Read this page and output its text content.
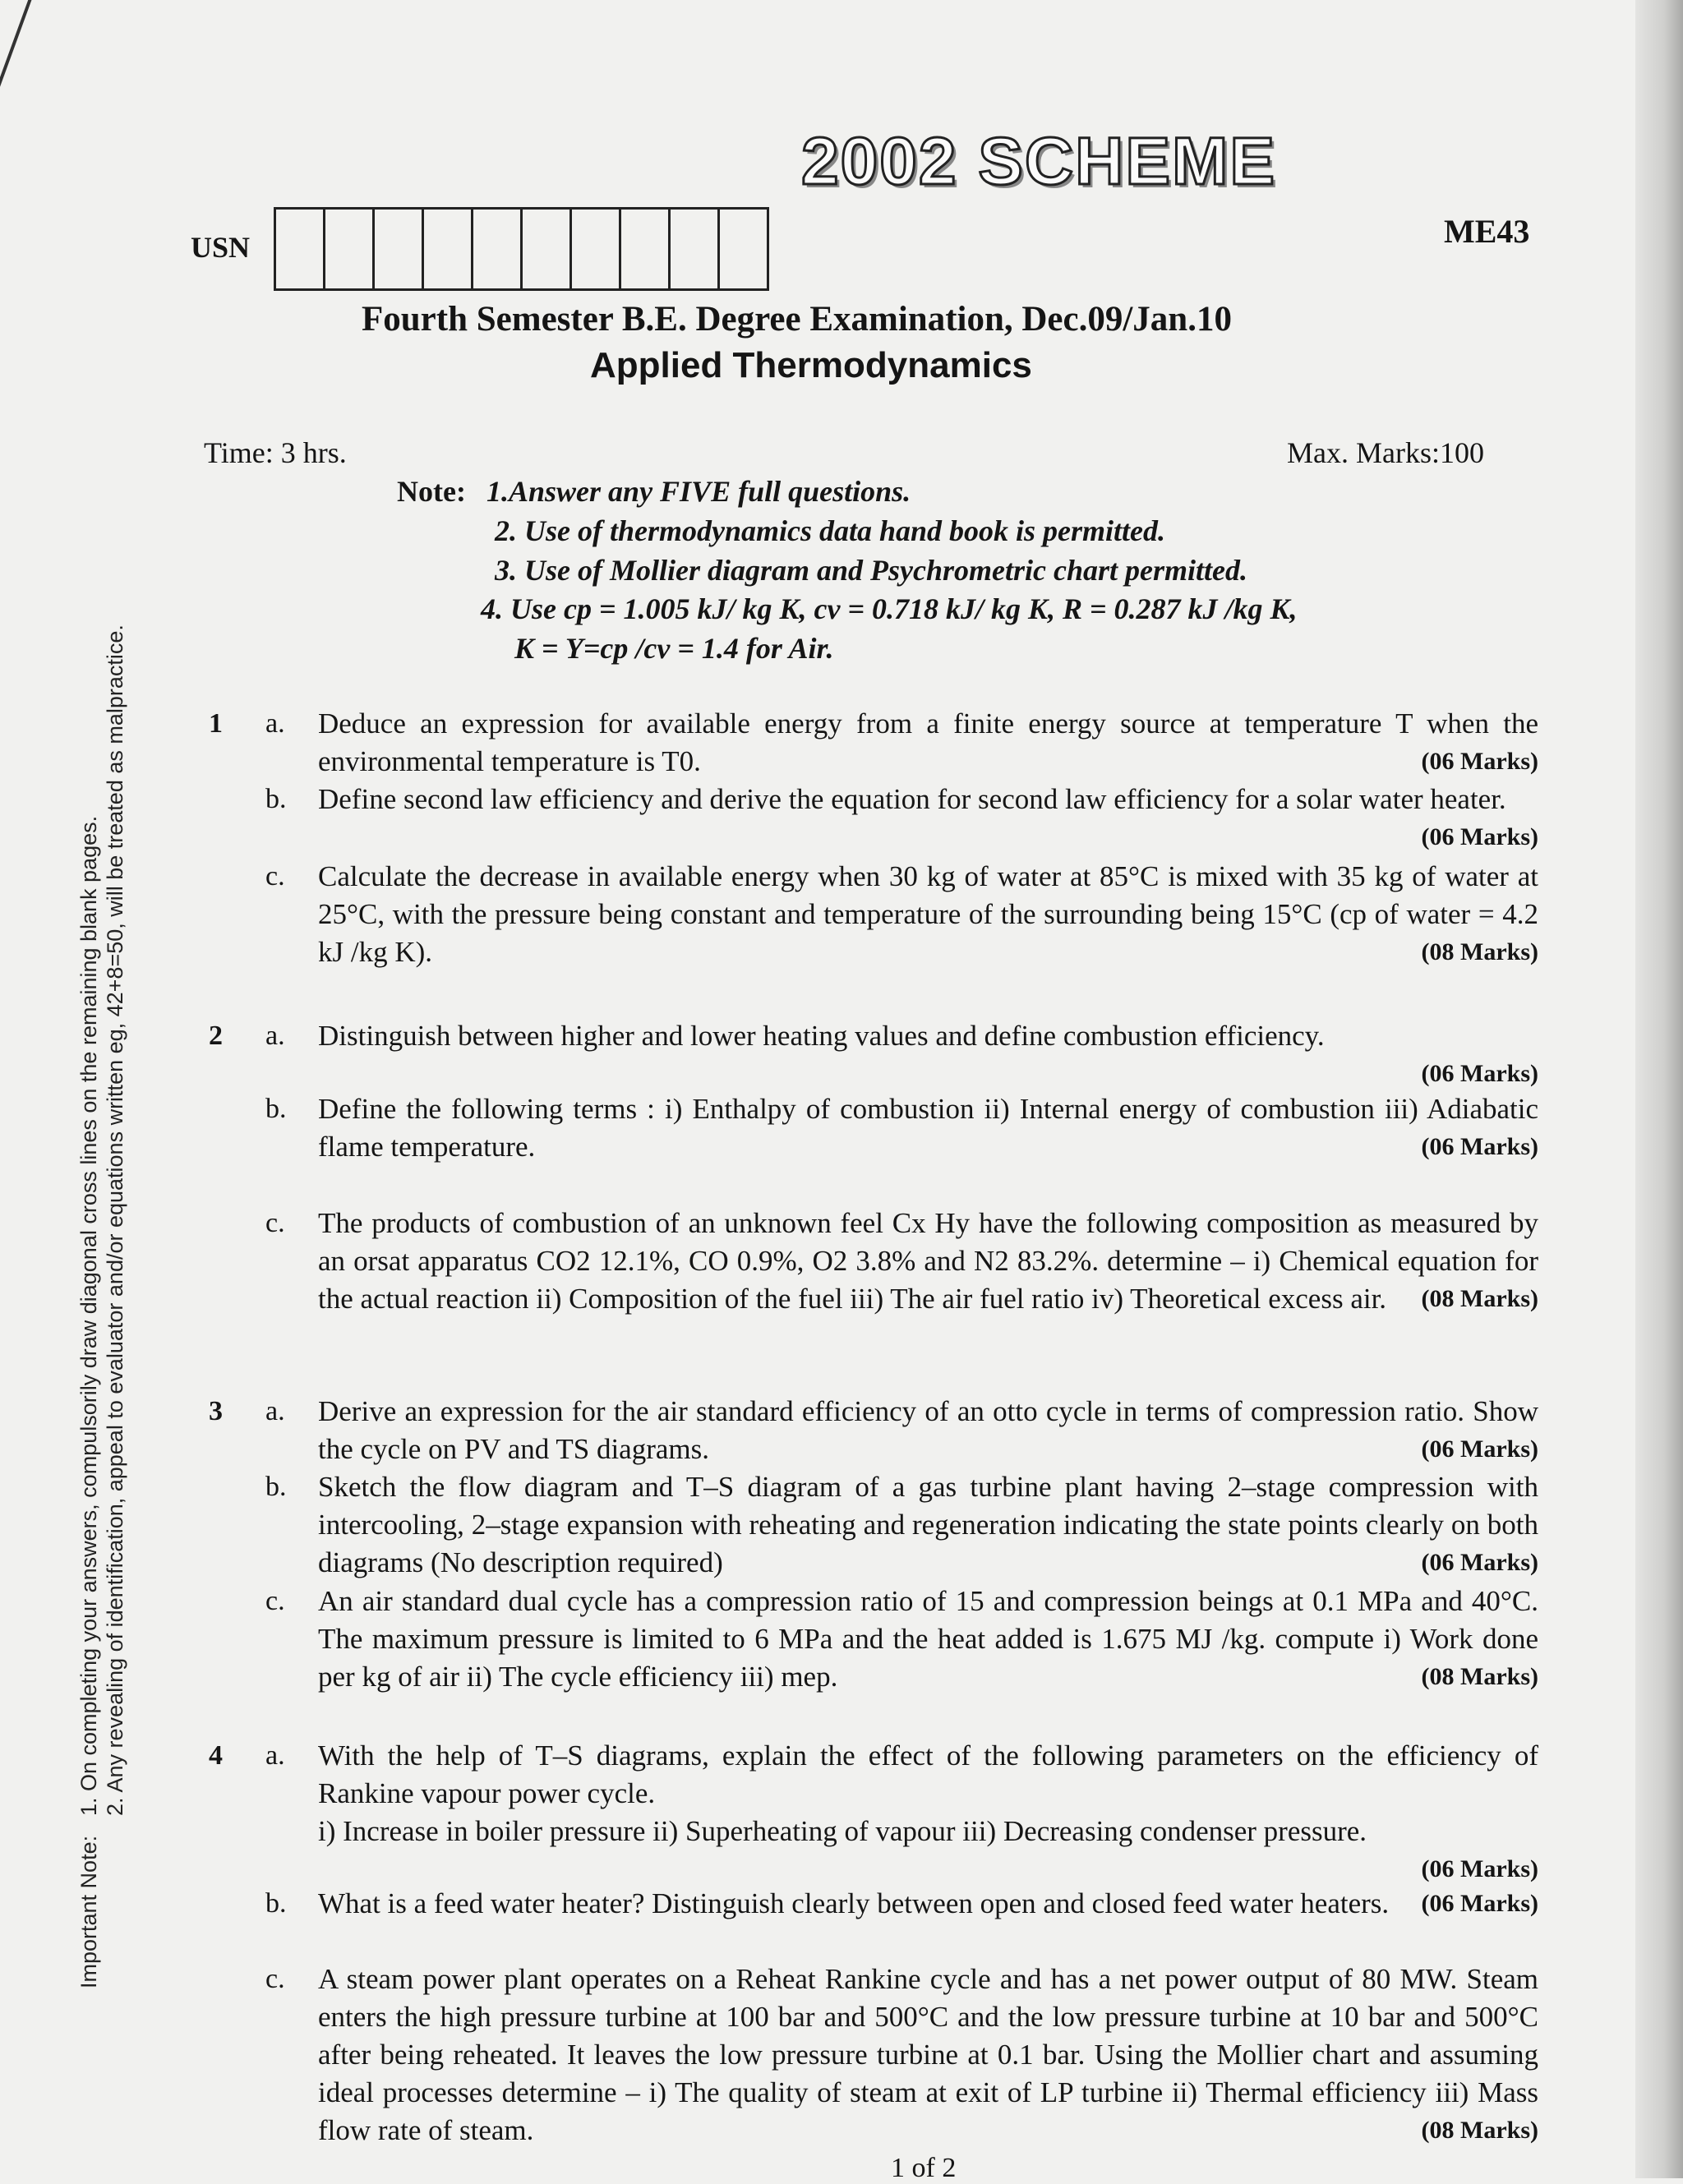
Important Note:
1. On completing your answers, compulsorily draw diagonal cross lines on the remaining blank pages. 2. Any revealing of identification, appeal to evaluator and/or equations written eg, 42+8=50, will be treated as malpractice.
2002 SCHEME
USN	ME43
Fourth Semester B.E. Degree Examination, Dec.09/Jan.10
Applied Thermodynamics
Time: 3 hrs.	Max. Marks:100
Note: 1.Answer any FIVE full questions.
2. Use of thermodynamics data hand book is permitted.
3. Use of Mollier diagram and Psychrometric chart permitted.
4. Use cp = 1.005 kJ/ kg K, cv = 0.718 kJ/ kg K, R = 0.287 kJ /kg K,
K = Y=cp /cv = 1.4 for Air.
1 a. Deduce an expression for available energy from a finite energy source at temperature T when the environmental temperature is T0.	(06 Marks)
b. Define second law efficiency and derive the equation for second law efficiency for a solar water heater.
(06 Marks)
c. Calculate the decrease in available energy when 30 kg of water at 85°C is mixed with 35 kg of water at 25°C, with the pressure being constant and temperature of the surrounding being 15°C (cp of water = 4.2 kJ /kg K).	(08 Marks)
2 a. Distinguish between higher and lower heating values and define combustion efficiency.
(06 Marks)
b. Define the following terms : i) Enthalpy of combustion ii) Internal energy of combustion iii) Adiabatic flame temperature.	(06 Marks)
c. The products of combustion of an unknown feel Cx Hy have the following composition as measured by an orsat apparatus CO2 12.1%, CO 0.9%, O2 3.8% and N2 83.2%. determine – i) Chemical equation for the actual reaction ii) Composition of the fuel iii) The air fuel ratio iv) Theoretical excess air. (08 Marks)
3 a. Derive an expression for the air standard efficiency of an otto cycle in terms of compression ratio. Show the cycle on PV and TS diagrams.	(06 Marks)
b. Sketch the flow diagram and T–S diagram of a gas turbine plant having 2–stage compression with intercooling, 2–stage expansion with reheating and regeneration indicating the state points clearly on both diagrams (No description required)	(06 Marks)
c. An air standard dual cycle has a compression ratio of 15 and compression beings at 0.1 MPa and 40°C. The maximum pressure is limited to 6 MPa and the heat added is 1.675 MJ /kg. compute i) Work done per kg of air ii) The cycle efficiency iii) mep.	(08 Marks)
4 a. With the help of T–S diagrams, explain the effect of the following parameters on the efficiency of Rankine vapour power cycle.
i) Increase in boiler pressure ii) Superheating of vapour iii) Decreasing condenser pressure.
(06 Marks)
b. What is a feed water heater? Distinguish clearly between open and closed feed water heaters. (06 Marks)
c. A steam power plant operates on a Reheat Rankine cycle and has a net power output of 80 MW. Steam enters the high pressure turbine at 100 bar and 500°C and the low pressure turbine at 10 bar and 500°C after being reheated. It leaves the low pressure turbine at 0.1 bar. Using the Mollier chart and assuming ideal processes determine – i) The quality of steam at exit of LP turbine ii) Thermal efficiency iii) Mass flow rate of steam.	(08 Marks)
1 of 2
